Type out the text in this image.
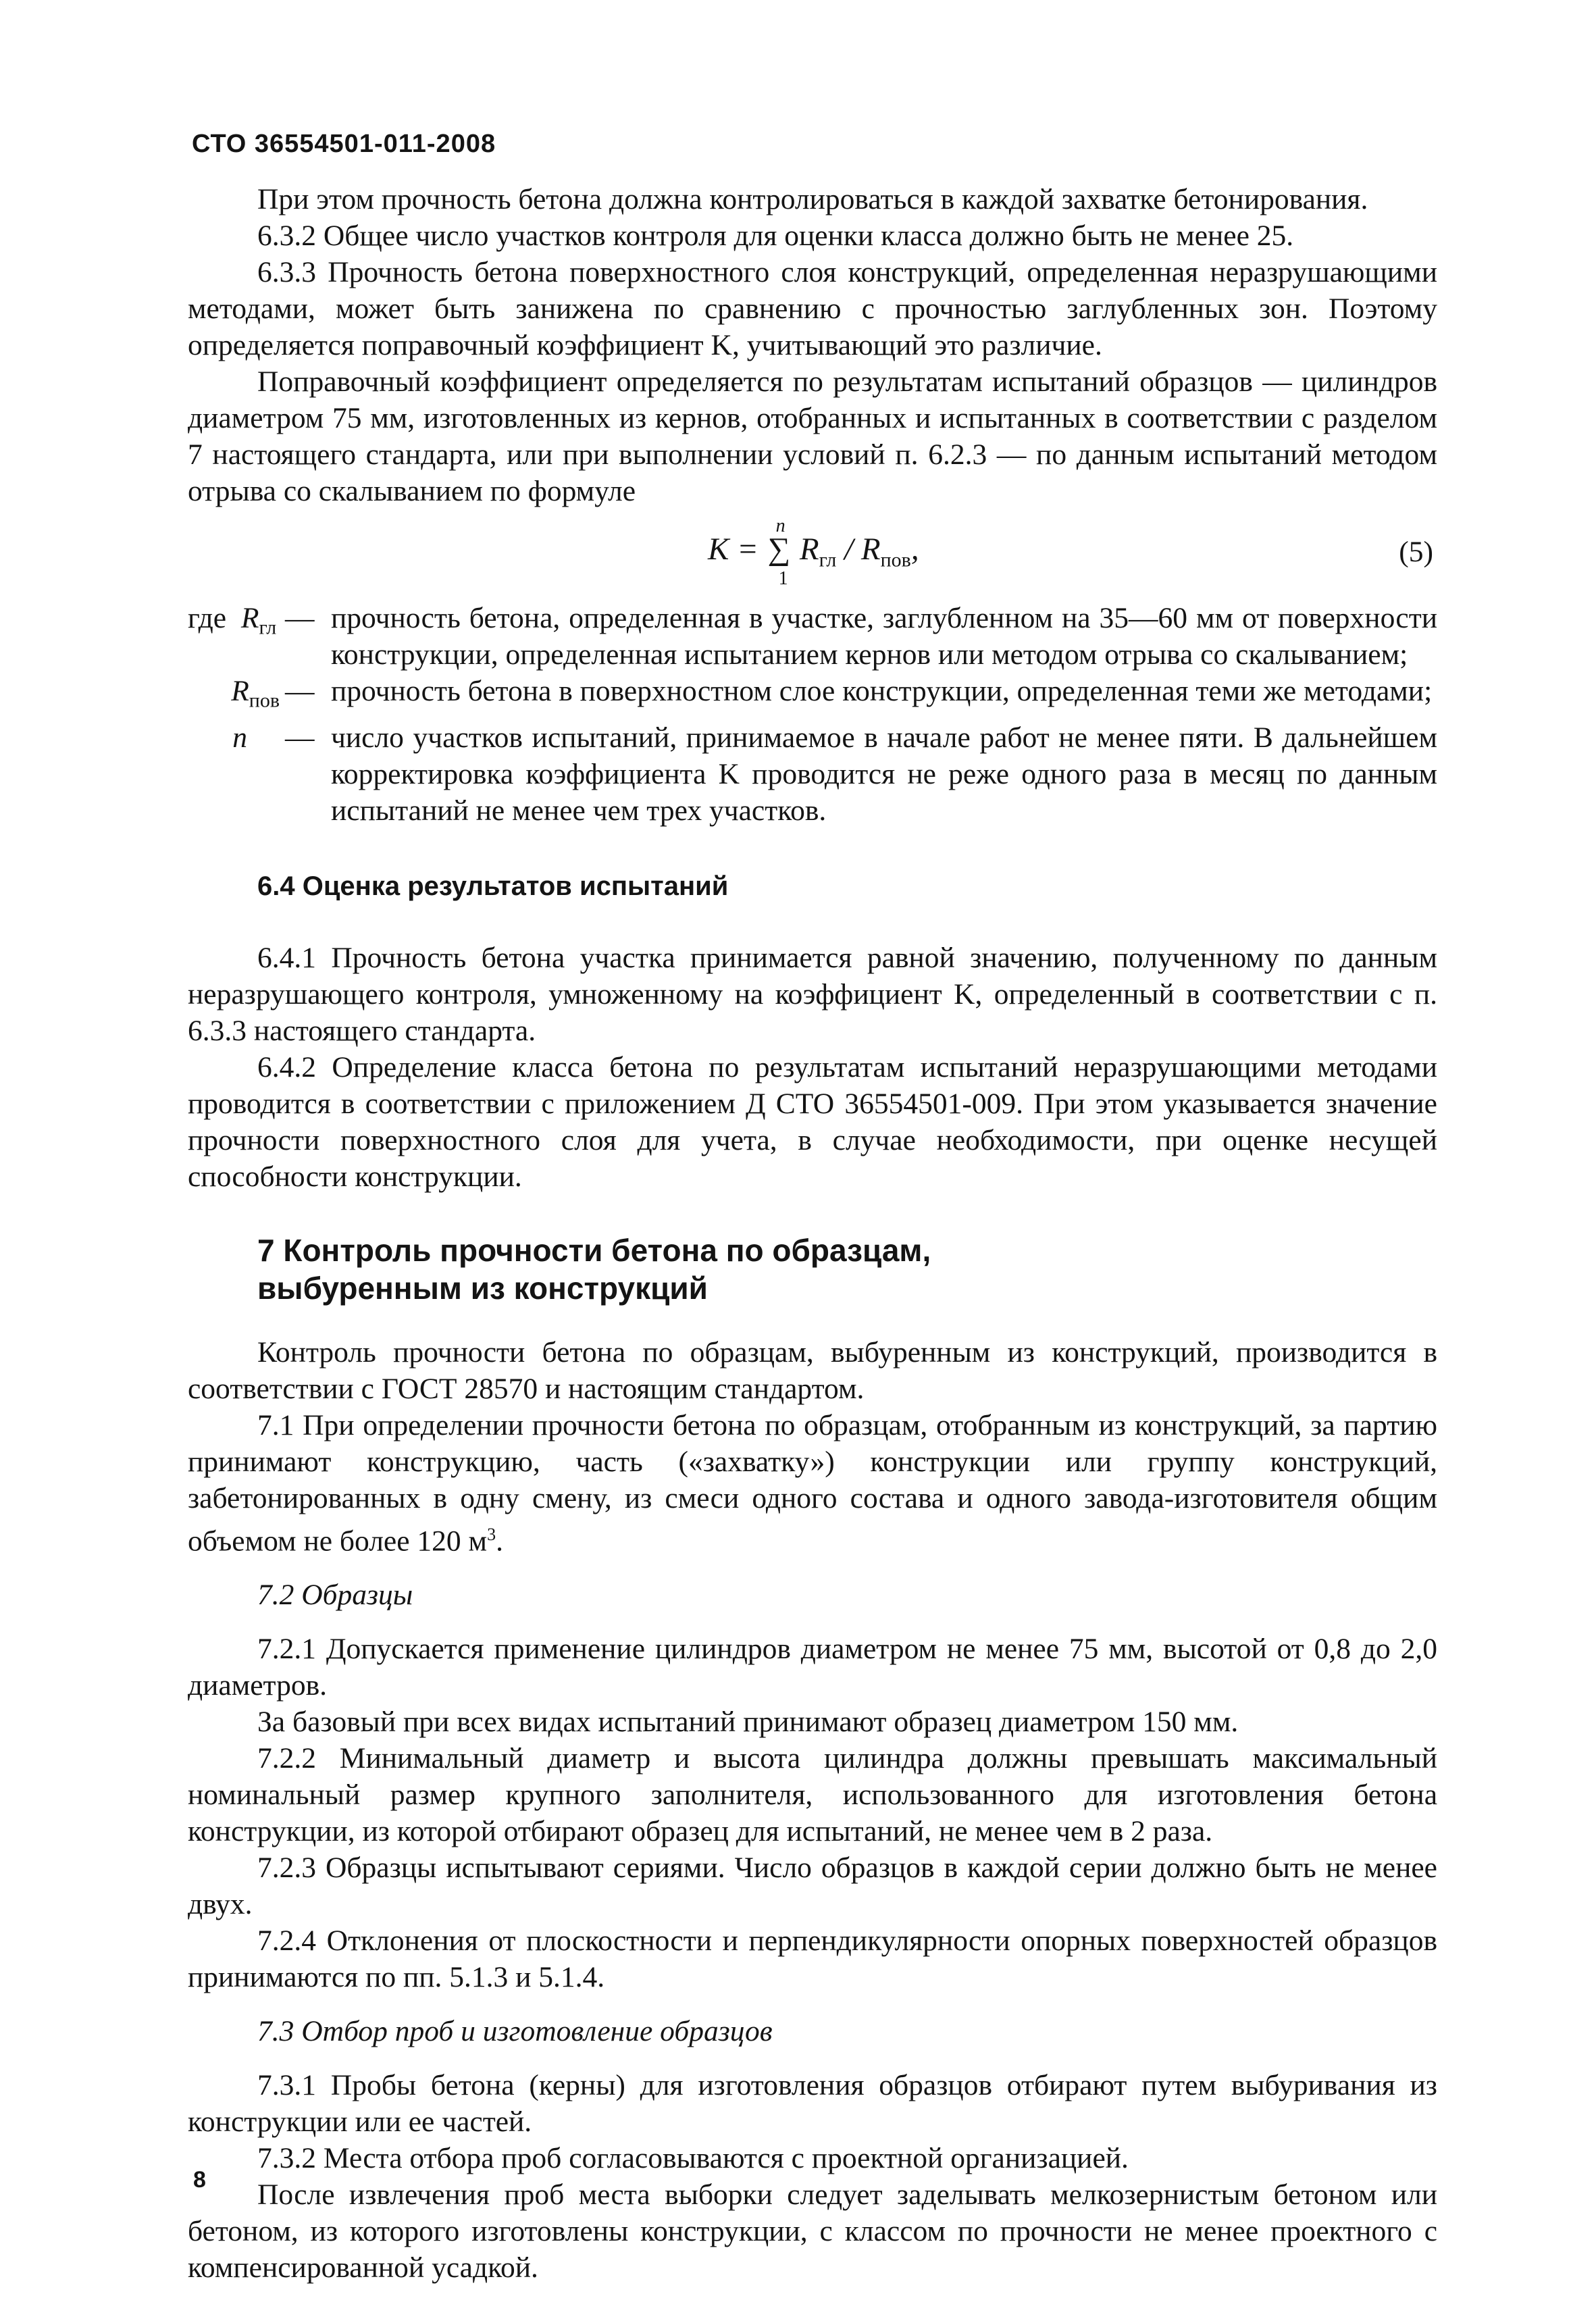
СТО 36554501-011-2008

При этом прочность бетона должна контролироваться в каждой захватке бетонирования.

6.3.2 Общее число участков контроля для оценки класса должно быть не менее 25.

6.3.3 Прочность бетона поверхностного слоя конструкций, определенная неразрушающими методами, может быть занижена по сравнению с прочностью заглубленных зон. Поэтому определяется поправочный коэффициент K, учитывающий это различие.

Поправочный коэффициент определяется по результатам испытаний образцов — цилиндров диаметром 75 мм, изготовленных из кернов, отобранных и испытанных в соответствии с разделом 7 настоящего стандарта, или при выполнении условий п. 6.2.3 — по данным испытаний методом отрыва со скалыванием по формуле

K = ∑
n
1
$R_{гл} / R_{пов}$,	(5)
где $R_{гл}$ — прочность бетона, определенная в участке, заглубленном на 35—60 мм от поверхности конструкции, определенная испытанием кернов или методом отрыва со скалыванием;
$R_{пов}$ — прочность бетона в поверхностном слое конструкции, определенная теми же методами;
n	— число участков испытаний, принимаемое в начале работ не менее пяти. В дальнейшем корректировка коэффициента K проводится не реже одного раза в месяц по данным испытаний не менее чем трех участков.
6.4 Оценка результатов испытаний

6.4.1 Прочность бетона участка принимается равной значению, полученному по данным неразрушающего контроля, умноженному на коэффициент K, определенный в соответствии с п. 6.3.3 настоящего стандарта.

6.4.2 Определение класса бетона по результатам испытаний неразрушающими методами проводится в соответствии с приложением Д СТО 36554501-009. При этом указывается значение прочности поверхностного слоя для учета, в случае необходимости, при оценке несущей способности конструкции.

7 Контроль прочности бетона по образцам,
выбуренным из конструкций

Контроль прочности бетона по образцам, выбуренным из конструкций, производится в соответствии с ГОСТ 28570 и настоящим стандартом.

7.1 При определении прочности бетона по образцам, отобранным из конструкций, за партию принимают конструкцию, часть («захватку») конструкции или группу конструкций, забетонированных в одну смену, из смеси одного состава и одного завода-изготовителя общим объемом не более 120 $м^3$.

7.2 Образцы

7.2.1 Допускается применение цилиндров диаметром не менее 75 мм, высотой от 0,8 до 2,0 диаметров.

За базовый при всех видах испытаний принимают образец диаметром 150 мм.

7.2.2 Минимальный диаметр и высота цилиндра должны превышать максимальный номинальный размер крупного заполнителя, использованного для изготовления бетона конструкции, из которой отбирают образец для испытаний, не менее чем в 2 раза.

7.2.3 Образцы испытывают сериями. Число образцов в каждой серии должно быть не менее двух.

7.2.4 Отклонения от плоскостности и перпендикулярности опорных поверхностей образцов принимаются по пп. 5.1.3 и 5.1.4.

7.3 Отбор проб и изготовление образцов

7.3.1 Пробы бетона (керны) для изготовления образцов отбирают путем выбуривания из конструкции или ее частей.

7.3.2 Места отбора проб согласовываются с проектной организацией.

После извлечения проб места выборки следует заделывать мелкозернистым бетоном или бетоном, из которого изготовлены конструкции, с классом по прочности не менее проектного с компенсированной усадкой.

8
